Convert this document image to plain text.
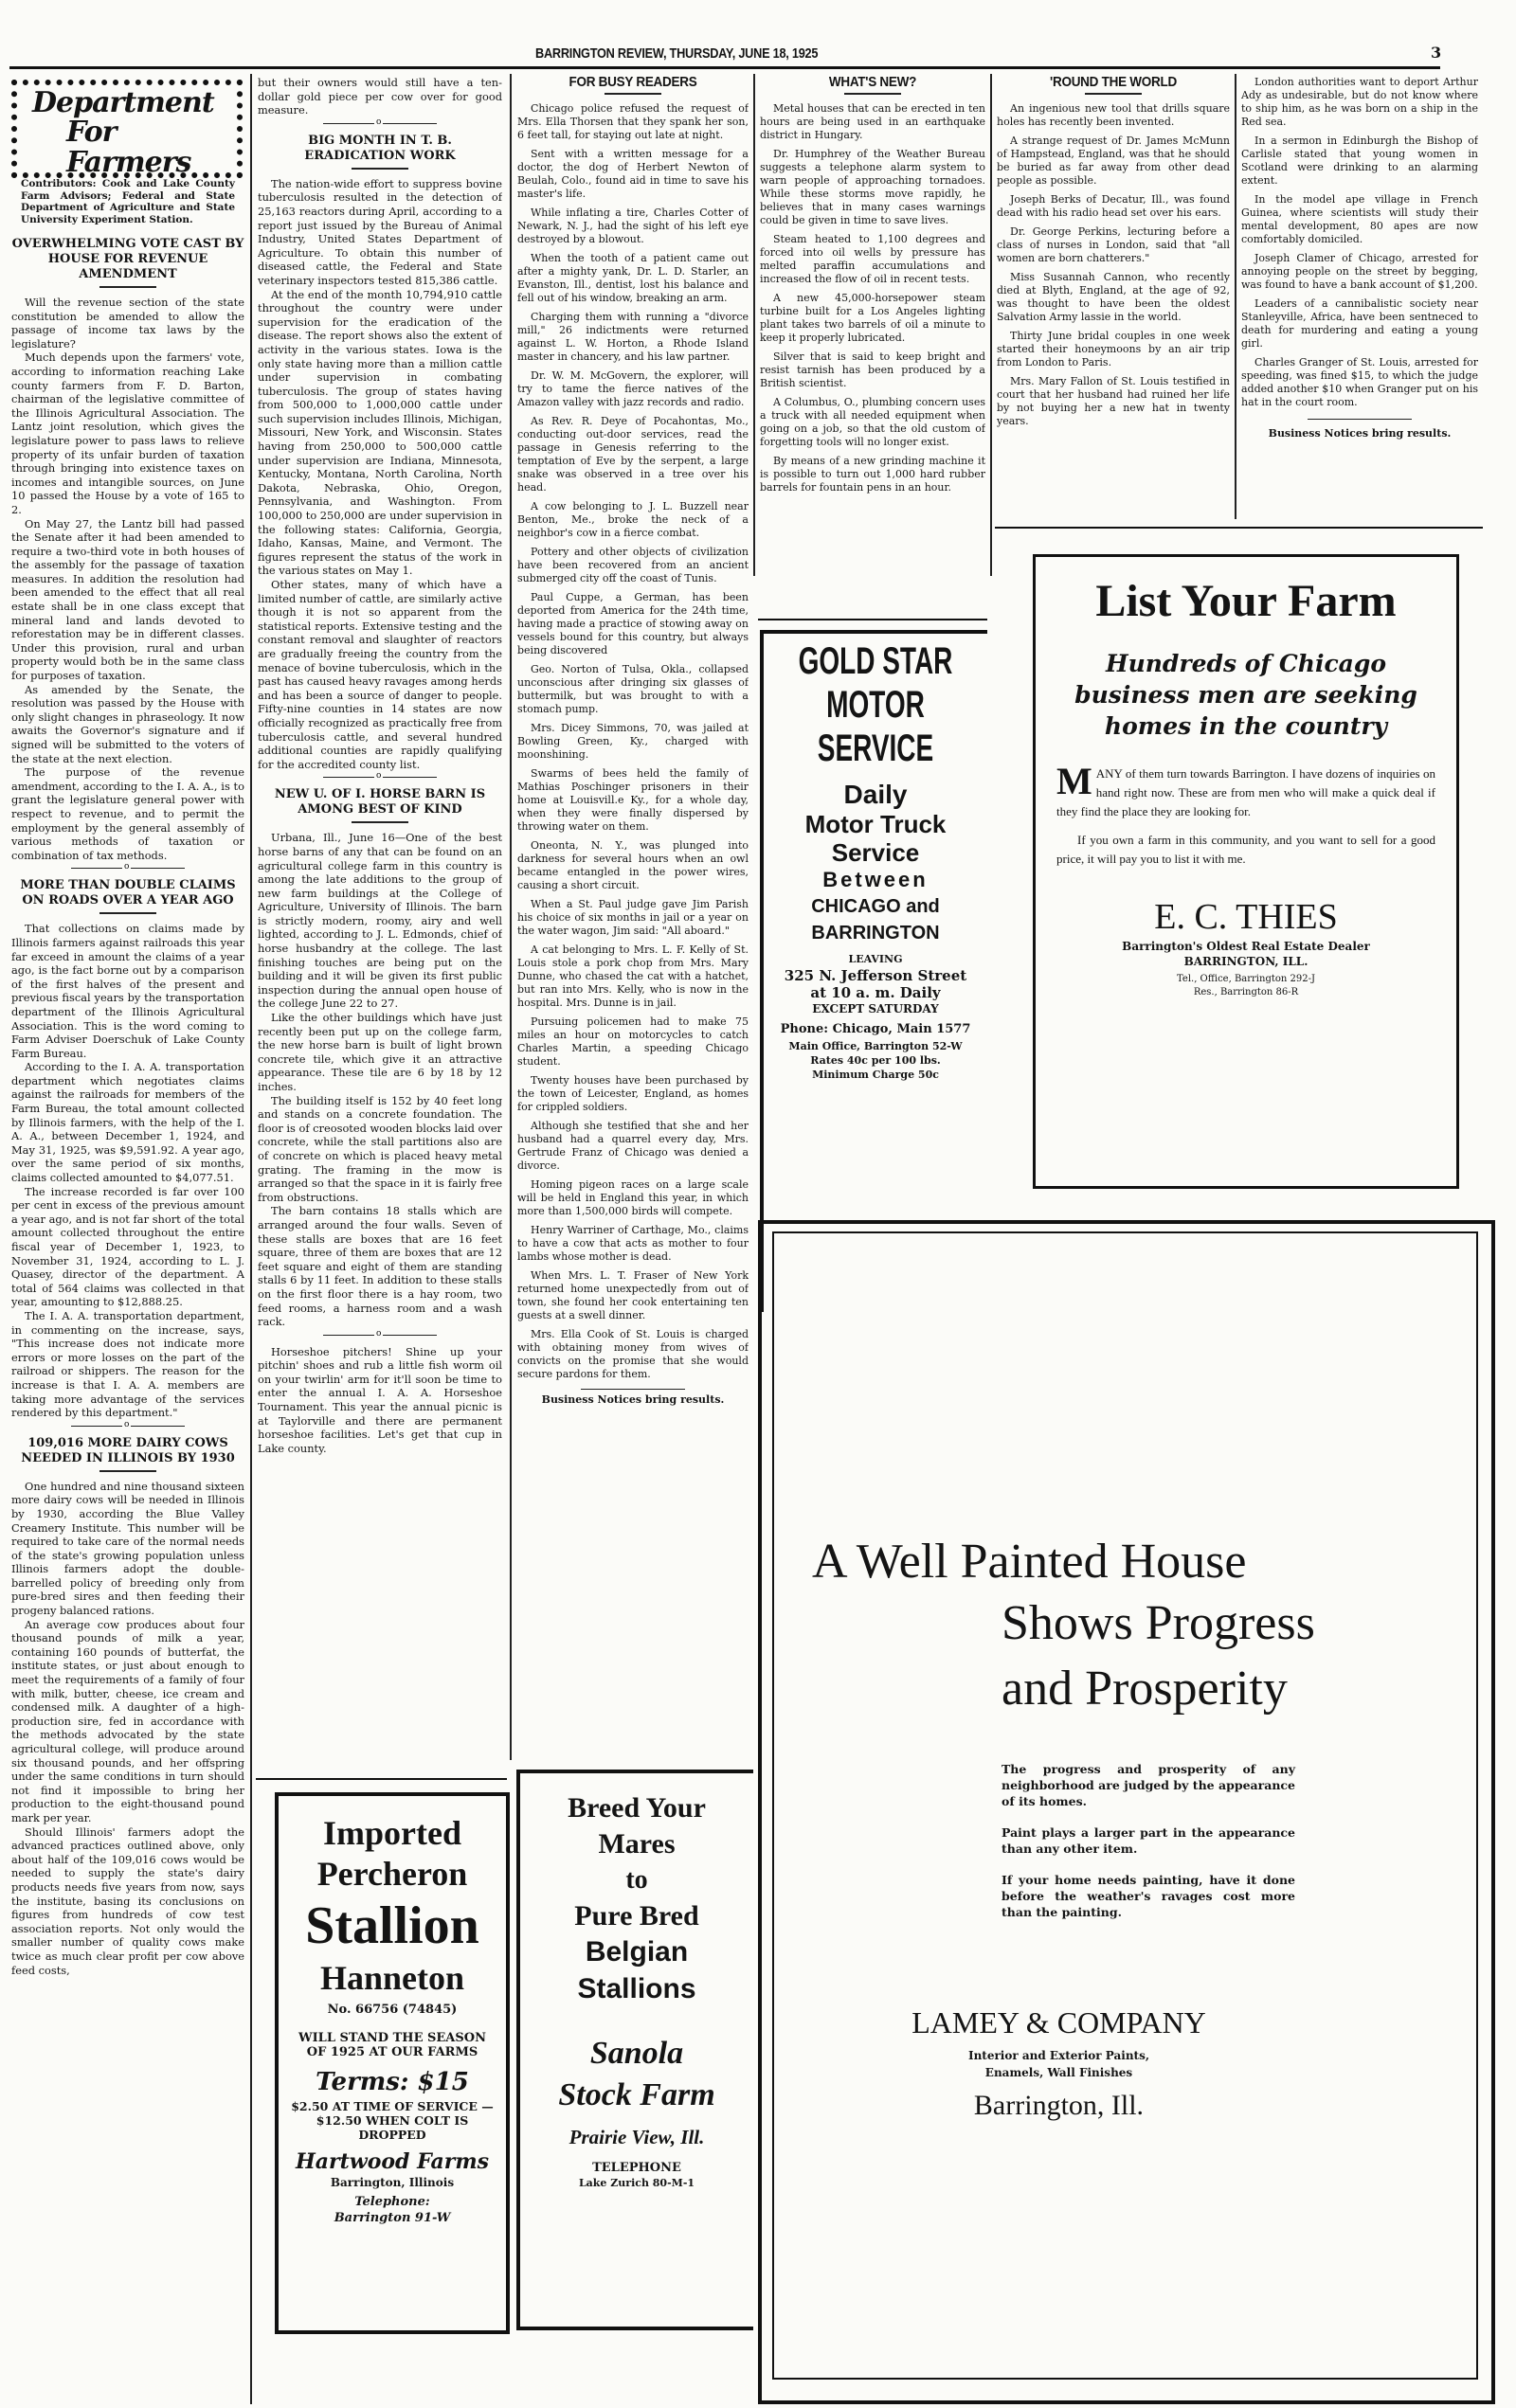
BARRINGTON REVIEW, THURSDAY, JUNE 18, 1925	3
Department
For Farmers
Contributors: Cook and Lake County Farm Advisors; Federal and State Department of Agriculture and State University Experiment Station.
OVERWHELMING VOTE CAST BY HOUSE FOR REVENUE AMENDMENT

Will the revenue section of the state constitution be amended to allow the passage of income tax laws by the legislature?

Much depends upon the farmers' vote, according to information reaching Lake county farmers from F. D. Barton, chairman of the legislative committee of the Illinois Agricultural Association. The Lantz joint resolution, which gives the legislature power to pass laws to relieve property of its unfair burden of taxation through bringing into existence taxes on incomes and intangible sources, on June 10 passed the House by a vote of 165 to 2.

On May 27, the Lantz bill had passed the Senate after it had been amended to require a two-third vote in both houses of the assembly for the passage of taxation measures. In addition the resolution had been amended to the effect that all real estate shall be in one class except that mineral land and lands devoted to reforestation may be in different classes. Under this provision, rural and urban property would both be in the same class for purposes of taxation.

As amended by the Senate, the resolution was passed by the House with only slight changes in phraseology. It now awaits the Governor's signature and if signed will be submitted to the voters of the state at the next election.

The purpose of the revenue amendment, according to the I. A. A., is to grant the legislature general power with respect to revenue, and to permit the employment by the general assembly of various methods of taxation or combination of tax methods.

o
MORE THAN DOUBLE CLAIMS ON ROADS OVER A YEAR AGO

That collections on claims made by Illinois farmers against railroads this year far exceed in amount the claims of a year ago, is the fact borne out by a comparison of the first halves of the present and previous fiscal years by the transportation department of the Illinois Agricultural Association. This is the word coming to Farm Adviser Doerschuk of Lake County Farm Bureau.

According to the I. A. A. transportation department which negotiates claims against the railroads for members of the Farm Bureau, the total amount collected by Illinois farmers, with the help of the I. A. A., between December 1, 1924, and May 31, 1925, was $9,591.92. A year ago, over the same period of six months, claims collected amounted to $4,077.51.

The increase recorded is far over 100 per cent in excess of the previous amount a year ago, and is not far short of the total amount collected throughout the entire fiscal year of December 1, 1923, to November 31, 1924, according to L. J. Quasey, director of the department. A total of 564 claims was collected in that year, amounting to $12,888.25.

The I. A. A. transportation department, in commenting on the increase, says, "This increase does not indicate more errors or more losses on the part of the railroad or shippers. The reason for the increase is that I. A. A. members are taking more advantage of the services rendered by this department."

o
109,016 MORE DAIRY COWS NEEDED IN ILLINOIS BY 1930

One hundred and nine thousand sixteen more dairy cows will be needed in Illinois by 1930, according the Blue Valley Creamery Institute. This number will be required to take care of the normal needs of the state's growing population unless Illinois farmers adopt the double-barrelled policy of breeding only from pure-bred sires and then feeding their progeny balanced rations.

An average cow produces about four thousand pounds of milk a year, containing 160 pounds of butterfat, the institute states, or just about enough to meet the requirements of a family of four with milk, butter, cheese, ice cream and condensed milk. A daughter of a high-production sire, fed in accordance with the methods advocated by the state agricultural college, will produce around six thousand pounds, and her offspring under the same conditions in turn should not find it impossible to bring her production to the eight-thousand pound mark per year.

Should Illinois' farmers adopt the advanced practices outlined above, only about half of the 109,016 cows would be needed to supply the state's dairy products needs five years from now, says the institute, basing its conclusions on figures from hundreds of cow test association reports. Not only would the smaller number of quality cows make twice as much clear profit per cow above feed costs,

but their owners would still have a ten-dollar gold piece per cow over for good measure.

o
BIG MONTH IN T. B. ERADICATION WORK

The nation-wide effort to suppress bovine tuberculosis resulted in the detection of 25,163 reactors during April, according to a report just issued by the Bureau of Animal Industry, United States Department of Agriculture. To obtain this number of diseased cattle, the Federal and State veterinary inspectors tested 815,386 cattle.

At the end of the month 10,794,910 cattle throughout the country were under supervision for the eradication of the disease. The report shows also the extent of activity in the various states. Iowa is the only state having more than a million cattle under supervision in combating tuberculosis. The group of states having from 500,000 to 1,000,000 cattle under such supervision includes Illinois, Michigan, Missouri, New York, and Wisconsin. States having from 250,000 to 500,000 cattle under supervision are Indiana, Minnesota, Kentucky, Montana, North Carolina, North Dakota, Nebraska, Ohio, Oregon, Pennsylvania, and Washington. From 100,000 to 250,000 are under supervision in the following states: California, Georgia, Idaho, Kansas, Maine, and Vermont. The figures represent the status of the work in the various states on May 1.

Other states, many of which have a limited number of cattle, are similarly active though it is not so apparent from the statistical reports. Extensive testing and the constant removal and slaughter of reactors are gradually freeing the country from the menace of bovine tuberculosis, which in the past has caused heavy ravages among herds and has been a source of danger to people. Fifty-nine counties in 14 states are now officially recognized as practically free from tuberculosis cattle, and several hundred additional counties are rapidly qualifying for the accredited county list.

o
NEW U. OF I. HORSE BARN IS AMONG BEST OF KIND

Urbana, Ill., June 16—One of the best horse barns of any that can be found on an agricultural college farm in this country is among the late additions to the group of new farm buildings at the College of Agriculture, University of Illinois. The barn is strictly modern, roomy, airy and well lighted, according to J. L. Edmonds, chief of horse husbandry at the college. The last finishing touches are being put on the building and it will be given its first public inspection during the annual open house of the college June 22 to 27.

Like the other buildings which have just recently been put up on the college farm, the new horse barn is built of light brown concrete tile, which give it an attractive appearance. These tile are 6 by 18 by 12 inches.

The building itself is 152 by 40 feet long and stands on a concrete foundation. The floor is of creosoted wooden blocks laid over concrete, while the stall partitions also are of concrete on which is placed heavy metal grating. The framing in the mow is arranged so that the space in it is fairly free from obstructions.

The barn contains 18 stalls which are arranged around the four walls. Seven of these stalls are boxes that are 16 feet square, three of them are boxes that are 12 feet square and eight of them are standing stalls 6 by 11 feet. In addition to these stalls on the first floor there is a hay room, two feed rooms, a harness room and a wash rack.

o

Horseshoe pitchers! Shine up your pitchin' shoes and rub a little fish worm oil on your twirlin' arm for it'll soon be time to enter the annual I. A. A. Horseshoe Tournament. This year the annual picnic is at Taylorville and there are permanent horseshoe facilities. Let's get that cup in Lake county.

FOR BUSY READERS

Chicago police refused the request of Mrs. Ella Thorsen that they spank her son, 6 feet tall, for staying out late at night.

Sent with a written message for a doctor, the dog of Herbert Newton of Beulah, Colo., found aid in time to save his master's life.

While inflating a tire, Charles Cotter of Newark, N. J., had the sight of his left eye destroyed by a blowout.

When the tooth of a patient came out after a mighty yank, Dr. L. D. Starler, an Evanston, Ill., dentist, lost his balance and fell out of his window, breaking an arm.

Charging them with running a "divorce mill," 26 indictments were returned against L. W. Horton, a Rhode Island master in chancery, and his law partner.

Dr. W. M. McGovern, the explorer, will try to tame the fierce natives of the Amazon valley with jazz records and radio.

As Rev. R. Deye of Pocahontas, Mo., conducting out-door services, read the passage in Genesis referring to the temptation of Eve by the serpent, a large snake was observed in a tree over his head.

A cow belonging to J. L. Buzzell near Benton, Me., broke the neck of a neighbor's cow in a fierce combat.

Pottery and other objects of civilization have been recovered from an ancient submerged city off the coast of Tunis.

Paul Cuppe, a German, has been deported from America for the 24th time, having made a practice of stowing away on vessels bound for this country, but always being discovered

Geo. Norton of Tulsa, Okla., collapsed unconscious after dringing six glasses of buttermilk, but was brought to with a stomach pump.

Mrs. Dicey Simmons, 70, was jailed at Bowling Green, Ky., charged with moonshining.

Swarms of bees held the family of Mathias Poschinger prisoners in their home at Louisvill.e Ky., for a whole day, when they were finally dispersed by throwing water on them.

Oneonta, N. Y., was plunged into darkness for several hours when an owl became entangled in the power wires, causing a short circuit.

When a St. Paul judge gave Jim Parish his choice of six months in jail or a year on the water wagon, Jim said: "All aboard."

A cat belonging to Mrs. L. F. Kelly of St. Louis stole a pork chop from Mrs. Mary Dunne, who chased the cat with a hatchet, but ran into Mrs. Kelly, who is now in the hospital. Mrs. Dunne is in jail.

Pursuing policemen had to make 75 miles an hour on motorcycles to catch Charles Martin, a speeding Chicago student.

Twenty houses have been purchased by the town of Leicester, England, as homes for crippled soldiers.

Although she testified that she and her husband had a quarrel every day, Mrs. Gertrude Franz of Chicago was denied a divorce.

Homing pigeon races on a large scale will be held in England this year, in which more than 1,500,000 birds will compete.

Henry Warriner of Carthage, Mo., claims to have a cow that acts as mother to four lambs whose mother is dead.

When Mrs. L. T. Fraser of New York returned home unexpectedly from out of town, she found her cook entertaining ten guests at a swell dinner.

Mrs. Ella Cook of St. Louis is charged with obtaining money from wives of convicts on the promise that she would secure pardons for them.

Business Notices bring results.
WHAT'S NEW?

Metal houses that can be erected in ten hours are being used in an earthquake district in Hungary.

Dr. Humphrey of the Weather Bureau suggests a telephone alarm system to warn people of approaching tornadoes. While these storms move rapidly, he believes that in many cases warnings could be given in time to save lives.

Steam heated to 1,100 degrees and forced into oil wells by pressure has melted paraffin accumulations and increased the flow of oil in recent tests.

A new 45,000-horsepower steam turbine built for a Los Angeles lighting plant takes two barrels of oil a minute to keep it properly lubricated.

Silver that is said to keep bright and resist tarnish has been produced by a British scientist.

A Columbus, O., plumbing concern uses a truck with all needed equipment when going on a job, so that the old custom of forgetting tools will no longer exist.

By means of a new grinding machine it is possible to turn out 1,000 hard rubber barrels for fountain pens in an hour.

'ROUND THE WORLD

An ingenious new tool that drills square holes has recently been invented.

A strange request of Dr. James McMunn of Hampstead, England, was that he should be buried as far away from other dead people as possible.

Joseph Berks of Decatur, Ill., was found dead with his radio head set over his ears.

Dr. George Perkins, lecturing before a class of nurses in London, said that "all women are born chatterers."

Miss Susannah Cannon, who recently died at Blyth, England, at the age of 92, was thought to have been the oldest Salvation Army lassie in the world.

Thirty June bridal couples in one week started their honeymoons by an air trip from London to Paris.

Mrs. Mary Fallon of St. Louis testified in court that her husband had ruined her life by not buying her a new hat in twenty years.

London authorities want to deport Arthur Ady as undesirable, but do not know where to ship him, as he was born on a ship in the Red sea.

In a sermon in Edinburgh the Bishop of Carlisle stated that young women in Scotland were drinking to an alarming extent.

In the model ape village in French Guinea, where scientists will study their mental development, 80 apes are now comfortably domiciled.

Joseph Clamer of Chicago, arrested for annoying people on the street by begging, was found to have a bank account of $1,200.

Leaders of a cannibalistic society near Stanleyville, Africa, have been sentneced to death for murdering and eating a young girl.

Charles Granger of St. Louis, arrested for speeding, was fined $15, to which the judge added another $10 when Granger put on his hat in the court room.

Business Notices bring results.
GOLD STAR
MOTOR
SERVICE
Daily
Motor Truck
Service
Between
CHICAGO and
BARRINGTON
LEAVING
325 N. Jefferson Street
at 10 a. m. Daily
EXCEPT SATURDAY
Phone: Chicago, Main 1577
Main Office, Barrington 52-W
Rates 40c per 100 lbs.
Minimum Charge 50c
List Your Farm
Hundreds of Chicago business men are seeking homes in the country
MANY of them turn towards Barrington. I have dozens of inquiries on hand right now. These are from men who will make a quick deal if they find the place they are looking for.
If you own a farm in this community, and you want to sell for a good price, it will pay you to list it with me.
E. C. THIES
Barrington's Oldest Real Estate Dealer
BARRINGTON, ILL.
Tel., Office, Barrington 292-J
Res., Barrington 86-R
A Well Painted House
Shows Progress
and Prosperity

The progress and prosperity of any neighborhood are judged by the appearance of its homes.

Paint plays a larger part in the appearance than any other item.

If your home needs painting, have it done before the weather's ravages cost more than the painting.

LAMEY & COMPANY
Interior and Exterior Paints,
Enamels, Wall Finishes
Barrington, Ill.
Imported
Percheron
Stallion
Hanneton
No. 66756 (74845)
WILL STAND THE SEASON OF 1925 AT OUR FARMS
Terms: $15
$2.50 AT TIME OF SERVICE — $12.50 WHEN COLT IS DROPPED
Hartwood Farms
Barrington, Illinois
Telephone:
Barrington 91-W
Breed Your
Mares
to
Pure Bred
Belgian
Stallions
Sanola
Stock Farm
Prairie View, Ill.
TELEPHONE
Lake Zurich 80-M-1
